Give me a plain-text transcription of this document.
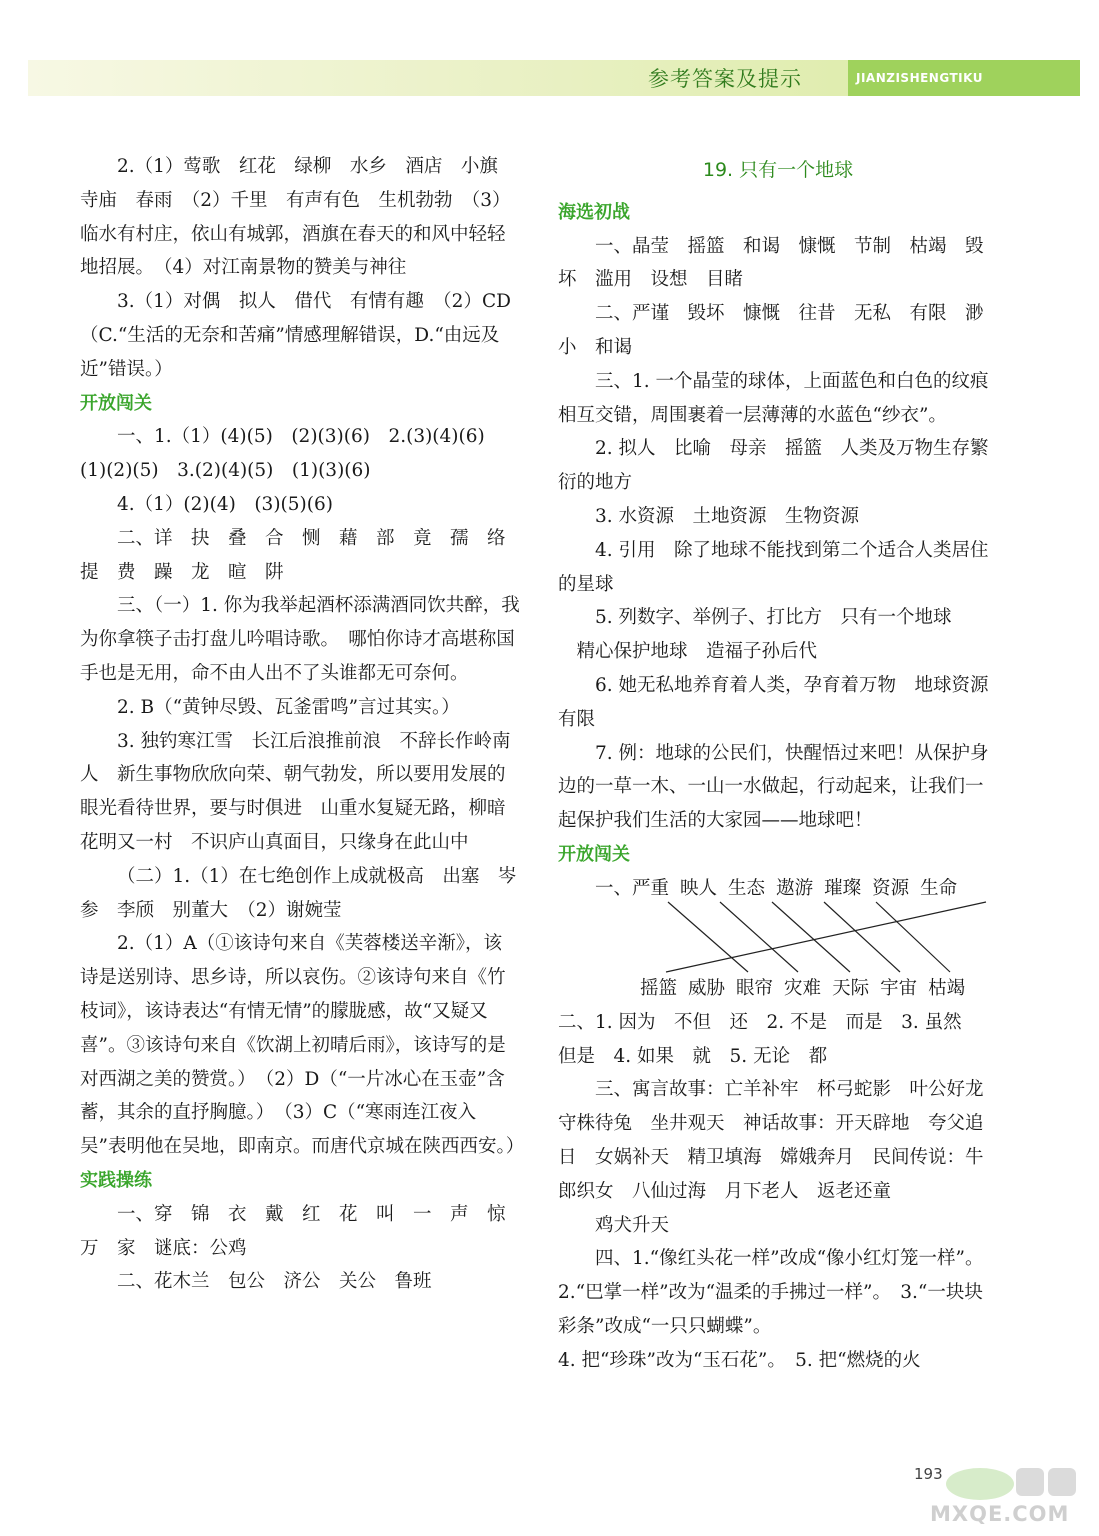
参考答案及提示	JIANZISHENGTIKU

2.（1）莺歌　红花　绿柳　水乡　酒店　小旗　寺庙　春雨　（2）千里　有声有色　生机勃勃　（3）临水有村庄，依山有城郭，酒旗在春天的和风中轻轻地招展。　（4）对江南景物的赞美与神往

3.（1）对偶　拟人　借代　有情有趣　（2）CD（C.“生活的无奈和苦痛”情感理解错误，D.“由远及近”错误。）

开放闯关

一、1.（1）(4)(5)　(2)(3)(6)　2.(3)(4)(6)　(1)(2)(5)　3.(2)(4)(5)　(1)(3)(6)

4.（1）(2)(4)　(3)(5)(6)

二、详　抉　叠　合　恻　藉　部　竟　孺　络　提　费　躁　龙　暄　阱

三、（一）1. 你为我举起酒杯添满酒同饮共醉，我为你拿筷子击打盘儿吟唱诗歌。　哪怕你诗才高堪称国手也是无用，命不由人出不了头谁都无可奈何。

2. B（“黄钟尽毁、瓦釜雷鸣”言过其实。）

3. 独钓寒江雪　长江后浪推前浪　不辞长作岭南人　新生事物欣欣向荣、朝气勃发，所以要用发展的眼光看待世界，要与时俱进　山重水复疑无路，柳暗花明又一村　不识庐山真面目，只缘身在此山中

（二）1.（1）在七绝创作上成就极高　出塞　岑参　李颀　别董大　（2）谢婉莹

2.（1）A（①该诗句来自《芙蓉楼送辛渐》，该诗是送别诗、思乡诗，所以哀伤。②该诗句来自《竹枝词》，该诗表达“有情无情”的朦胧感，故“又疑又喜”。③该诗句来自《饮湖上初晴后雨》，该诗写的是对西湖之美的赞赏。）　（2）D（“一片冰心在玉壶”含蓄，其余的直抒胸臆。）　（3）C（“寒雨连江夜入吴”表明他在吴地，即南京。而唐代京城在陕西西安。）

实践操练

一、穿　锦　衣　戴　红　花　叫　一　声　惊　万　家　谜底：公鸡

二、花木兰　包公　济公　关公　鲁班

19. 只有一个地球

海选初战

一、晶莹　摇篮　和谒　慷慨　节制　枯竭　毁坏　滥用　设想　目睹

二、严谨　毁坏　慷慨　往昔　无私　有限　渺小　和谒

三、1. 一个晶莹的球体，上面蓝色和白色的纹痕相互交错，周围裹着一层薄薄的水蓝色“纱衣”。

2. 拟人　比喻　母亲　摇篮　人类及万物生存繁衍的地方

3. 水资源　土地资源　生物资源

4. 引用　除了地球不能找到第二个适合人类居住的星球

5. 列数字、举例子、打比方　只有一个地球

精心保护地球　造福子孙后代

6. 她无私地养育着人类，孕育着万物　地球资源有限

7. 例：地球的公民们，快醒悟过来吧！从保护身边的一草一木、一山一水做起，行动起来，让我们一起保护我们生活的大家园——地球吧！

开放闯关

一、严重 映人 生态 遨游 璀璨 资源 生命
摇篮 威胁 眼帘 灾难 天际 宇宙 枯竭

二、1. 因为　不但　还　2. 不是　而是　3. 虽然　但是　4. 如果　就　5. 无论　都

三、寓言故事：亡羊补牢　杯弓蛇影　叶公好龙　守株待兔　坐井观天　神话故事：开天辟地　夸父追日　女娲补天　精卫填海　嫦娥奔月　民间传说：牛郎织女　八仙过海　月下老人　返老还童

鸡犬升天

四、1.“像红头花一样”改成“像小红灯笼一样”。　2.“巴掌一样”改为“温柔的手拂过一样”。　3.“一块块彩条”改成“一只只蝴蝶”。

4. 把“珍珠”改为“玉石花”。　5. 把“燃烧的火

193
MXQE.COM
